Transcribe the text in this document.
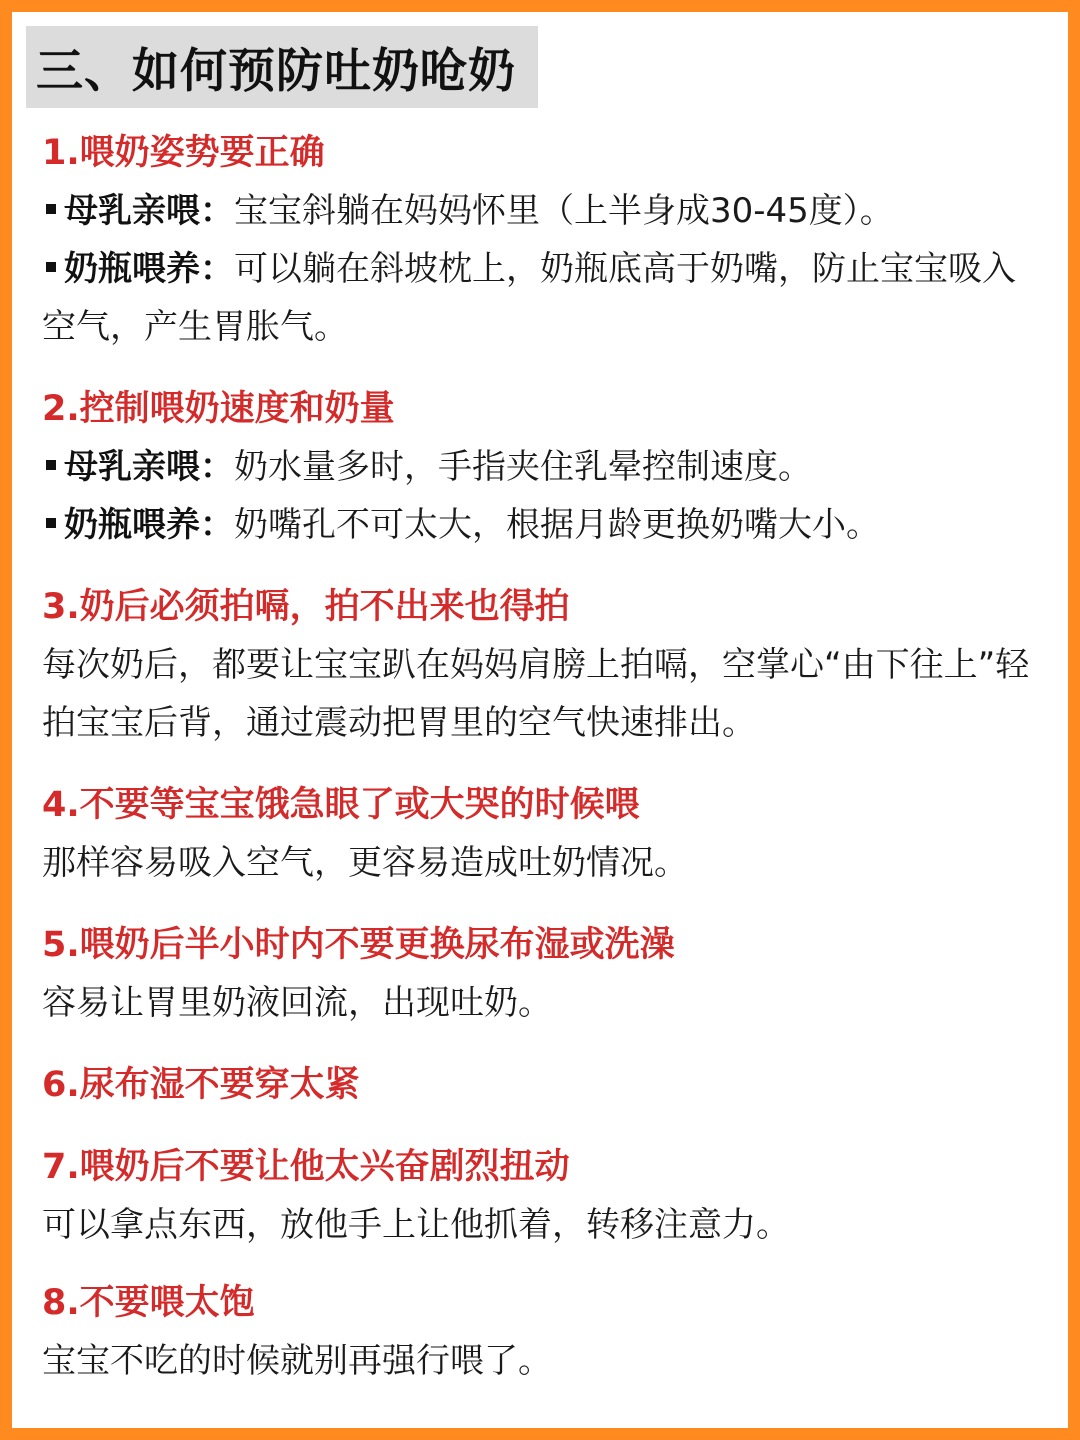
三、如何预防吐奶呛奶
1.喂奶姿势要正确
母乳亲喂：宝宝斜躺在妈妈怀里（上半身成30-45度）。
奶瓶喂养：可以躺在斜坡枕上，奶瓶底高于奶嘴，防止宝宝吸入空气，产生胃胀气。
2.控制喂奶速度和奶量
母乳亲喂：奶水量多时，手指夹住乳晕控制速度。
奶瓶喂养：奶嘴孔不可太大，根据月龄更换奶嘴大小。
3.奶后必须拍嗝，拍不出来也得拍
每次奶后，都要让宝宝趴在妈妈肩膀上拍嗝，空掌心“由下往上”轻拍宝宝后背，通过震动把胃里的空气快速排出。
4.不要等宝宝饿急眼了或大哭的时候喂
那样容易吸入空气，更容易造成吐奶情况。
5.喂奶后半小时内不要更换尿布湿或洗澡
容易让胃里奶液回流，出现吐奶。
6.尿布湿不要穿太紧
7.喂奶后不要让他太兴奋剧烈扭动
可以拿点东西，放他手上让他抓着，转移注意力。
8.不要喂太饱
宝宝不吃的时候就别再强行喂了。
